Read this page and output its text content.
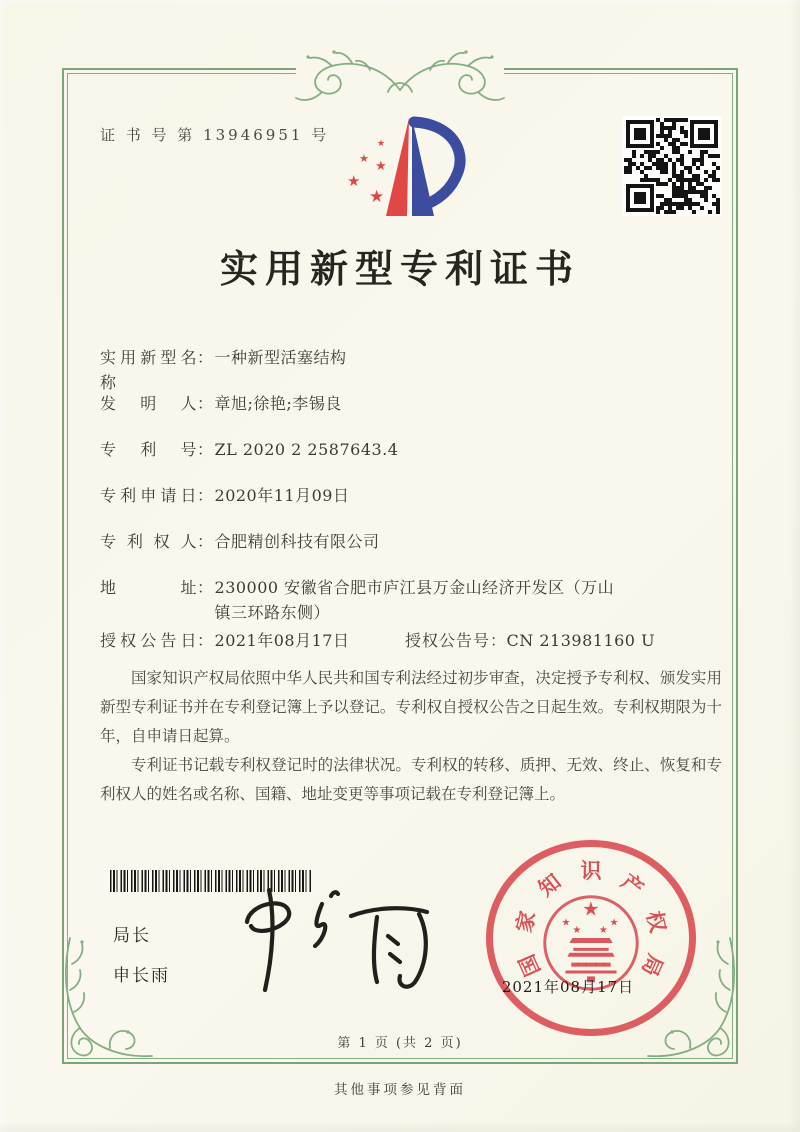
证 书 号 第 13946951 号	★
★
★
★
★
实用新型专利证书
实用新型名称：一种新型活塞结构
发明人：章旭;徐艳;李锡良
专利号：ZL 2020 2 2587643.4
专利申请日：2020年11月09日
专利权人：合肥精创科技有限公司
地址：230000 安徽省合肥市庐江县万金山经济开发区（万山镇三环路东侧）
授权公告日：2021年08月17日	授权公告号：CN 213981160 U

国家知识产权局依照中华人民共和国专利法经过初步审查，决定授予专利权、颁发实用新型专利证书并在专利登记簿上予以登记。专利权自授权公告之日起生效。专利权期限为十年，自申请日起算。

专利证书记载专利权登记时的法律状况。专利权的转移、质押、无效、终止、恢复和专利权人的姓名或名称、国籍、地址变更等事项记载在专利登记簿上。

局长
申长雨	国
家
知 识 产
权
局
★
★
★ ★
★
2021年08月17日
第 1 页 (共 2 页)
其他事项参见背面
